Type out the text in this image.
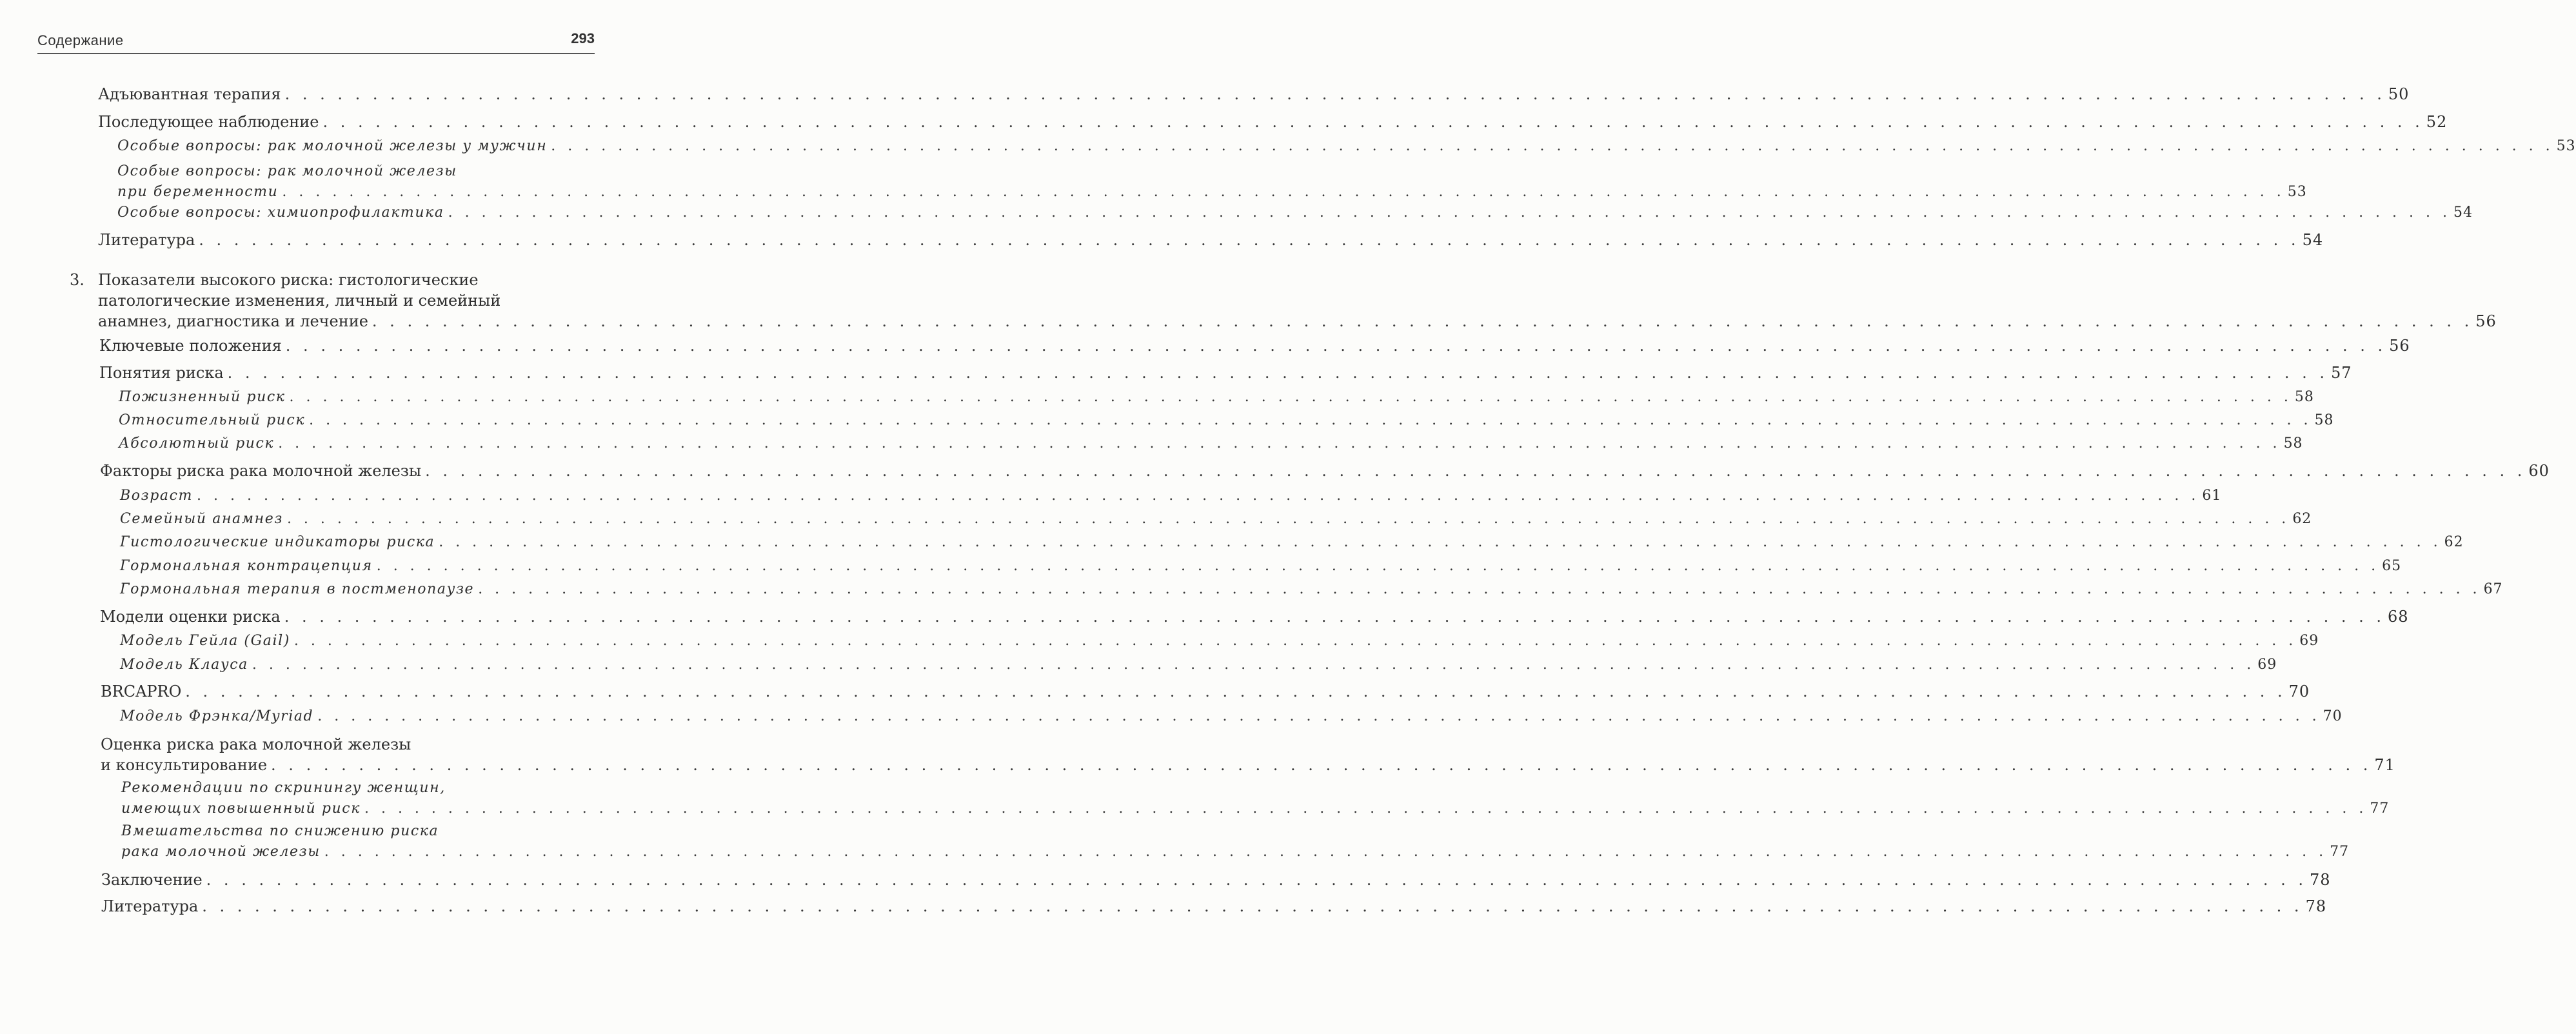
Содержание	293
3.
Адъювантная терапия . . . . . . . . . . . . . . . . . . . . . . . . . . . . . . . . . . . . . . . . . . . . . . . . . . . . . . . . . . . . . . . . . . . . . . . . . . . . . . . . . . . . . . . . . . . . . . . . . . . . . . . . . . . . . . . . . . . . . . . . 50
Последующее наблюдение . . . . . . . . . . . . . . . . . . . . . . . . . . . . . . . . . . . . . . . . . . . . . . . . . . . . . . . . . . . . . . . . . . . . . . . . . . . . . . . . . . . . . . . . . . . . . . . . . . . . . . . . . . . . . . . . . . . . . . . . 52
Особые вопросы: рак молочной железы у мужчин . . . . . . . . . . . . . . . . . . . . . . . . . . . . . . . . . . . . . . . . . . . . . . . . . . . . . . . . . . . . . . . . . . . . . . . . . . . . . . . . . . . . . . . . . . . . . . . . . . . . . . . . . . . . . . . . . . . . . . . . 53
Особые вопросы: рак молочной железы
при беременности . . . . . . . . . . . . . . . . . . . . . . . . . . . . . . . . . . . . . . . . . . . . . . . . . . . . . . . . . . . . . . . . . . . . . . . . . . . . . . . . . . . . . . . . . . . . . . . . . . . . . . . . . . . . . . . . . . . . . . . . 53
Особые вопросы: химиопрофилактика . . . . . . . . . . . . . . . . . . . . . . . . . . . . . . . . . . . . . . . . . . . . . . . . . . . . . . . . . . . . . . . . . . . . . . . . . . . . . . . . . . . . . . . . . . . . . . . . . . . . . . . . . . . . . . . . . . . . . . . . 54
Литература . . . . . . . . . . . . . . . . . . . . . . . . . . . . . . . . . . . . . . . . . . . . . . . . . . . . . . . . . . . . . . . . . . . . . . . . . . . . . . . . . . . . . . . . . . . . . . . . . . . . . . . . . . . . . . . . . . . . . . . . 54
Показатели высокого риска: гистологические
патологические изменения, личный и семейный
анамнез, диагностика и лечение . . . . . . . . . . . . . . . . . . . . . . . . . . . . . . . . . . . . . . . . . . . . . . . . . . . . . . . . . . . . . . . . . . . . . . . . . . . . . . . . . . . . . . . . . . . . . . . . . . . . . . . . . . . . . . . . . . . . . . . . 56
Ключевые положения . . . . . . . . . . . . . . . . . . . . . . . . . . . . . . . . . . . . . . . . . . . . . . . . . . . . . . . . . . . . . . . . . . . . . . . . . . . . . . . . . . . . . . . . . . . . . . . . . . . . . . . . . . . . . . . . . . . . . . . . 56
Понятия риска . . . . . . . . . . . . . . . . . . . . . . . . . . . . . . . . . . . . . . . . . . . . . . . . . . . . . . . . . . . . . . . . . . . . . . . . . . . . . . . . . . . . . . . . . . . . . . . . . . . . . . . . . . . . . . . . . . . . . . . . 57
Пожизненный риск . . . . . . . . . . . . . . . . . . . . . . . . . . . . . . . . . . . . . . . . . . . . . . . . . . . . . . . . . . . . . . . . . . . . . . . . . . . . . . . . . . . . . . . . . . . . . . . . . . . . . . . . . . . . . . . . . . . . . . . . 58
Относительный риск . . . . . . . . . . . . . . . . . . . . . . . . . . . . . . . . . . . . . . . . . . . . . . . . . . . . . . . . . . . . . . . . . . . . . . . . . . . . . . . . . . . . . . . . . . . . . . . . . . . . . . . . . . . . . . . . . . . . . . . . 58
Абсолютный риск . . . . . . . . . . . . . . . . . . . . . . . . . . . . . . . . . . . . . . . . . . . . . . . . . . . . . . . . . . . . . . . . . . . . . . . . . . . . . . . . . . . . . . . . . . . . . . . . . . . . . . . . . . . . . . . . . . . . . . . . 58
Факторы риска рака молочной железы . . . . . . . . . . . . . . . . . . . . . . . . . . . . . . . . . . . . . . . . . . . . . . . . . . . . . . . . . . . . . . . . . . . . . . . . . . . . . . . . . . . . . . . . . . . . . . . . . . . . . . . . . . . . . . . . . . . . . . . . 60
Возраст . . . . . . . . . . . . . . . . . . . . . . . . . . . . . . . . . . . . . . . . . . . . . . . . . . . . . . . . . . . . . . . . . . . . . . . . . . . . . . . . . . . . . . . . . . . . . . . . . . . . . . . . . . . . . . . . . . . . . . . . 61
Семейный анамнез . . . . . . . . . . . . . . . . . . . . . . . . . . . . . . . . . . . . . . . . . . . . . . . . . . . . . . . . . . . . . . . . . . . . . . . . . . . . . . . . . . . . . . . . . . . . . . . . . . . . . . . . . . . . . . . . . . . . . . . . 62
Гистологические индикаторы риска . . . . . . . . . . . . . . . . . . . . . . . . . . . . . . . . . . . . . . . . . . . . . . . . . . . . . . . . . . . . . . . . . . . . . . . . . . . . . . . . . . . . . . . . . . . . . . . . . . . . . . . . . . . . . . . . . . . . . . . . 62
Гормональная контрацепция . . . . . . . . . . . . . . . . . . . . . . . . . . . . . . . . . . . . . . . . . . . . . . . . . . . . . . . . . . . . . . . . . . . . . . . . . . . . . . . . . . . . . . . . . . . . . . . . . . . . . . . . . . . . . . . . . . . . . . . . 65
Гормональная терапия в постменопаузе . . . . . . . . . . . . . . . . . . . . . . . . . . . . . . . . . . . . . . . . . . . . . . . . . . . . . . . . . . . . . . . . . . . . . . . . . . . . . . . . . . . . . . . . . . . . . . . . . . . . . . . . . . . . . . . . . . . . . . . . 67
Модели оценки риска . . . . . . . . . . . . . . . . . . . . . . . . . . . . . . . . . . . . . . . . . . . . . . . . . . . . . . . . . . . . . . . . . . . . . . . . . . . . . . . . . . . . . . . . . . . . . . . . . . . . . . . . . . . . . . . . . . . . . . . . 68
Модель Гейла (Gail) . . . . . . . . . . . . . . . . . . . . . . . . . . . . . . . . . . . . . . . . . . . . . . . . . . . . . . . . . . . . . . . . . . . . . . . . . . . . . . . . . . . . . . . . . . . . . . . . . . . . . . . . . . . . . . . . . . . . . . . . 69
Модель Клауса . . . . . . . . . . . . . . . . . . . . . . . . . . . . . . . . . . . . . . . . . . . . . . . . . . . . . . . . . . . . . . . . . . . . . . . . . . . . . . . . . . . . . . . . . . . . . . . . . . . . . . . . . . . . . . . . . . . . . . . . 69
BRCAPRO . . . . . . . . . . . . . . . . . . . . . . . . . . . . . . . . . . . . . . . . . . . . . . . . . . . . . . . . . . . . . . . . . . . . . . . . . . . . . . . . . . . . . . . . . . . . . . . . . . . . . . . . . . . . . . . . . . . . . . . . 70
Модель Фрэнка/Myriad . . . . . . . . . . . . . . . . . . . . . . . . . . . . . . . . . . . . . . . . . . . . . . . . . . . . . . . . . . . . . . . . . . . . . . . . . . . . . . . . . . . . . . . . . . . . . . . . . . . . . . . . . . . . . . . . . . . . . . . . 70
Оценка риска рака молочной железы
и консультирование . . . . . . . . . . . . . . . . . . . . . . . . . . . . . . . . . . . . . . . . . . . . . . . . . . . . . . . . . . . . . . . . . . . . . . . . . . . . . . . . . . . . . . . . . . . . . . . . . . . . . . . . . . . . . . . . . . . . . . . . 71
Рекомендации по скринингу женщин,
имеющих повышенный риск . . . . . . . . . . . . . . . . . . . . . . . . . . . . . . . . . . . . . . . . . . . . . . . . . . . . . . . . . . . . . . . . . . . . . . . . . . . . . . . . . . . . . . . . . . . . . . . . . . . . . . . . . . . . . . . . . . . . . . . . 77
Вмешательства по снижению риска
рака молочной железы . . . . . . . . . . . . . . . . . . . . . . . . . . . . . . . . . . . . . . . . . . . . . . . . . . . . . . . . . . . . . . . . . . . . . . . . . . . . . . . . . . . . . . . . . . . . . . . . . . . . . . . . . . . . . . . . . . . . . . . . 77
Заключение . . . . . . . . . . . . . . . . . . . . . . . . . . . . . . . . . . . . . . . . . . . . . . . . . . . . . . . . . . . . . . . . . . . . . . . . . . . . . . . . . . . . . . . . . . . . . . . . . . . . . . . . . . . . . . . . . . . . . . . . 78
Литература . . . . . . . . . . . . . . . . . . . . . . . . . . . . . . . . . . . . . . . . . . . . . . . . . . . . . . . . . . . . . . . . . . . . . . . . . . . . . . . . . . . . . . . . . . . . . . . . . . . . . . . . . . . . . . . . . . . . . . . . 78
